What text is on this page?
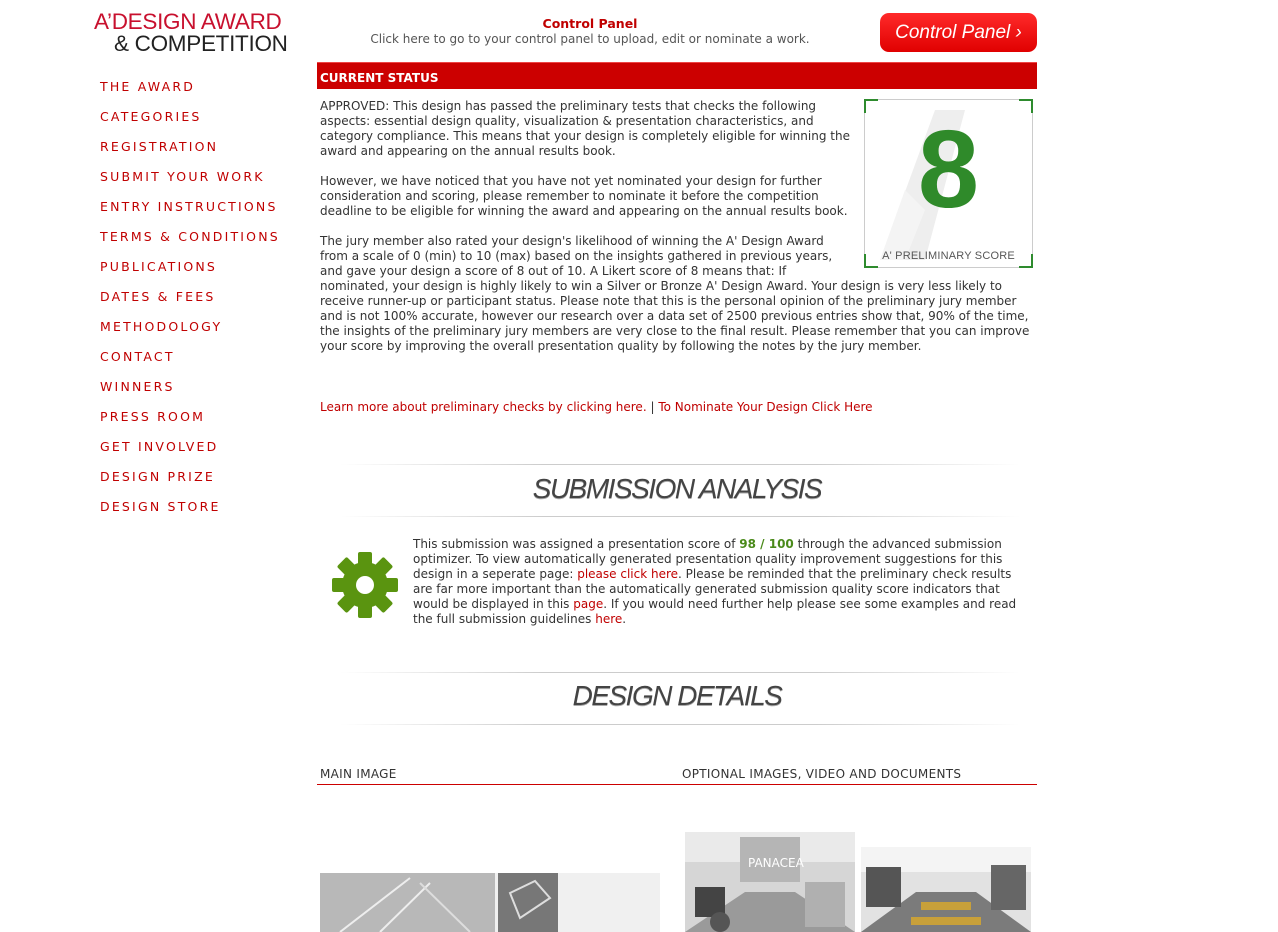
A’DESIGN AWARD
& COMPETITION
THE AWARD
CATEGORIES
REGISTRATION
SUBMIT YOUR WORK
ENTRY INSTRUCTIONS
TERMS & CONDITIONS
PUBLICATIONS
DATES & FEES
METHODOLOGY
CONTACT
WINNERS
PRESS ROOM
GET INVOLVED
DESIGN PRIZE
DESIGN STORE
Control Panel
Click here to go to your control panel to upload, edit or nominate a work.	Control Panel ›
CURRENT STATUS

APPROVED: This design has passed the preliminary tests that checks the following aspects: essential design quality, visualization & presentation characteristics, and category compliance. This means that your design is completely eligible for winning the award and appearing on the annual results book.

However, we have noticed that you have not yet nominated your design for further consideration and scoring, please remember to nominate it before the competition deadline to be eligible for winning the award and appearing on the annual results book.

The jury member also rated your design's likelihood of winning the A' Design Award from a scale of 0 (min) to 10 (max) based on the insights gathered in previous years, and gave your design a score of 8 out of 10. A Likert score of 8 means that: If
nominated, your design is highly likely to win a Silver or Bronze A' Design Award. Your design is very less likely to receive runner-up or participant status. Please note that this is the personal opinion of the preliminary jury member and is not 100% accurate, however our research over a data set of 2500 previous entries show that, 90% of the time, the insights of the preliminary jury members are very close to the final result. Please remember that you can improve your score by improving the overall presentation quality by following the notes by the jury member.

8
A' PRELIMINARY SCORE
Learn more about preliminary checks by clicking here. | To Nominate Your Design Click Here
SUBMISSION ANALYSIS
This submission was assigned a presentation score of 98 / 100 through the advanced submission optimizer. To view automatically generated presentation quality improvement suggestions for this design in a seperate page: please click here. Please be reminded that the preliminary check results are far more important than the automatically generated submission quality score indicators that would be displayed in this page. If you would need further help please see some examples and read the full submission guidelines here.
DESIGN DETAILS
MAIN IMAGE	OPTIONAL IMAGES, VIDEO AND DOCUMENTS
PANACEA
